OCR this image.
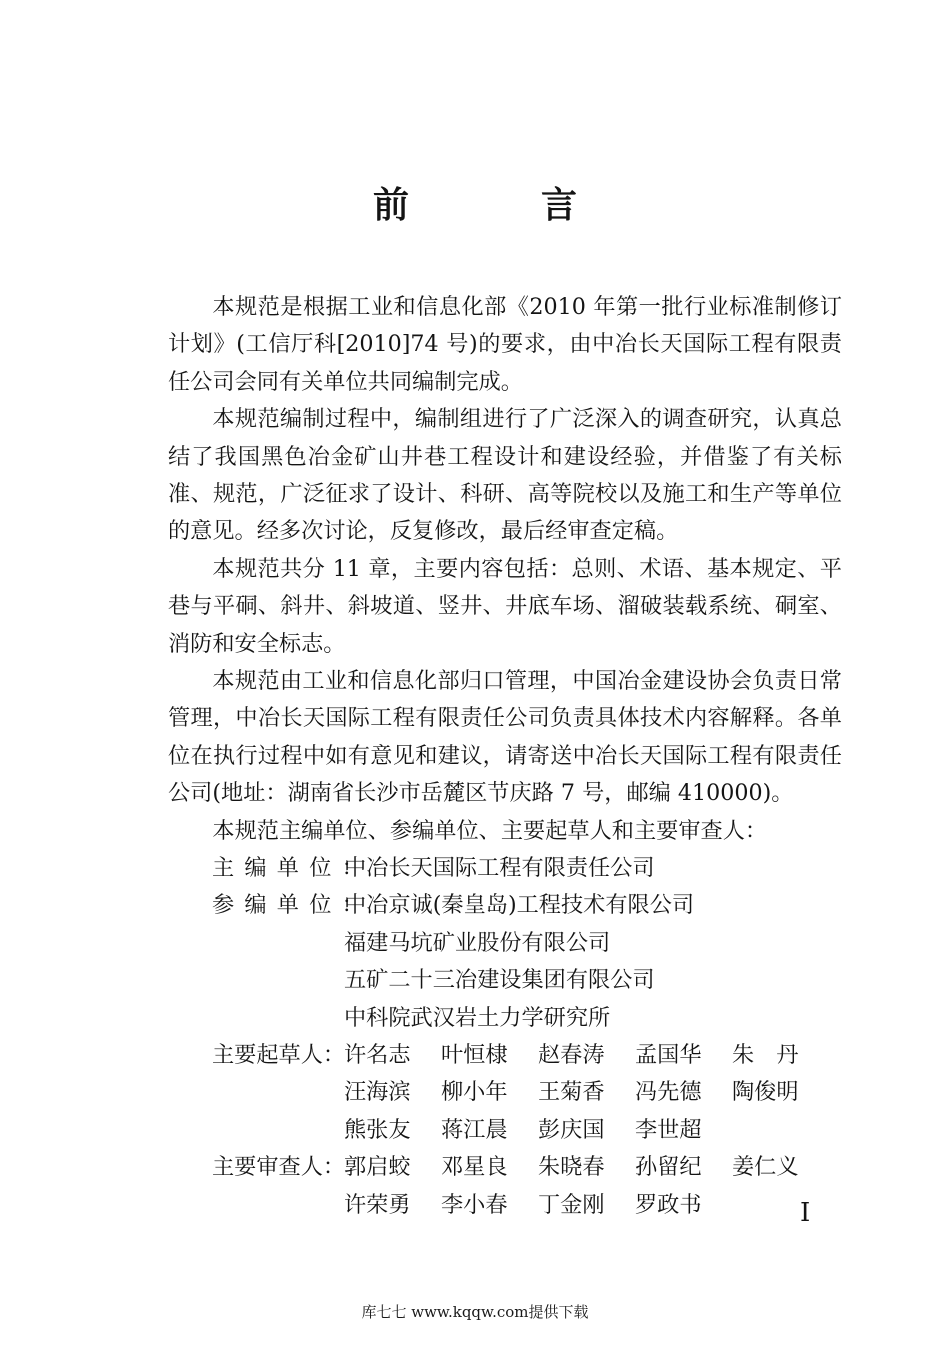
前　言

本规范是根据工业和信息化部《2010 年第一批行业标准制修订计划》(工信厅科[2010]74 号)的要求，由中冶长天国际工程有限责任公司会同有关单位共同编制完成。

本规范编制过程中，编制组进行了广泛深入的调查研究，认真总结了我国黑色冶金矿山井巷工程设计和建设经验，并借鉴了有关标准、规范，广泛征求了设计、科研、高等院校以及施工和生产等单位的意见。经多次讨论，反复修改，最后经审查定稿。

本规范共分 11 章，主要内容包括：总则、术语、基本规定、平巷与平硐、斜井、斜坡道、竖井、井底车场、溜破装载系统、硐室、消防和安全标志。

本规范由工业和信息化部归口管理，中国冶金建设协会负责日常管理，中冶长天国际工程有限责任公司负责具体技术内容解释。各单位在执行过程中如有意见和建议，请寄送中冶长天国际工程有限责任公司(地址：湖南省长沙市岳麓区节庆路 7 号，邮编 410000)。

本规范主编单位、参编单位、主要起草人和主要审查人：

主编单位：
中冶长天国际工程有限责任公司
参编单位：
中冶京诚(秦皇岛)工程技术有限公司
福建马坑矿业股份有限公司
五矿二十三冶建设集团有限公司
中科院武汉岩土力学研究所
主要起草人：
许名志	叶恒棣	赵春涛	孟国华	朱　丹
汪海滨	柳小年	王菊香	冯先德	陶俊明
熊张友	蒋江晨	彭庆国	李世超
主要审查人：
郭启蛟	邓星良	朱晓春	孙留纪	姜仁义
许荣勇	李小春	丁金刚	罗政书	I
库七七 www.kqqw.com提供下载
